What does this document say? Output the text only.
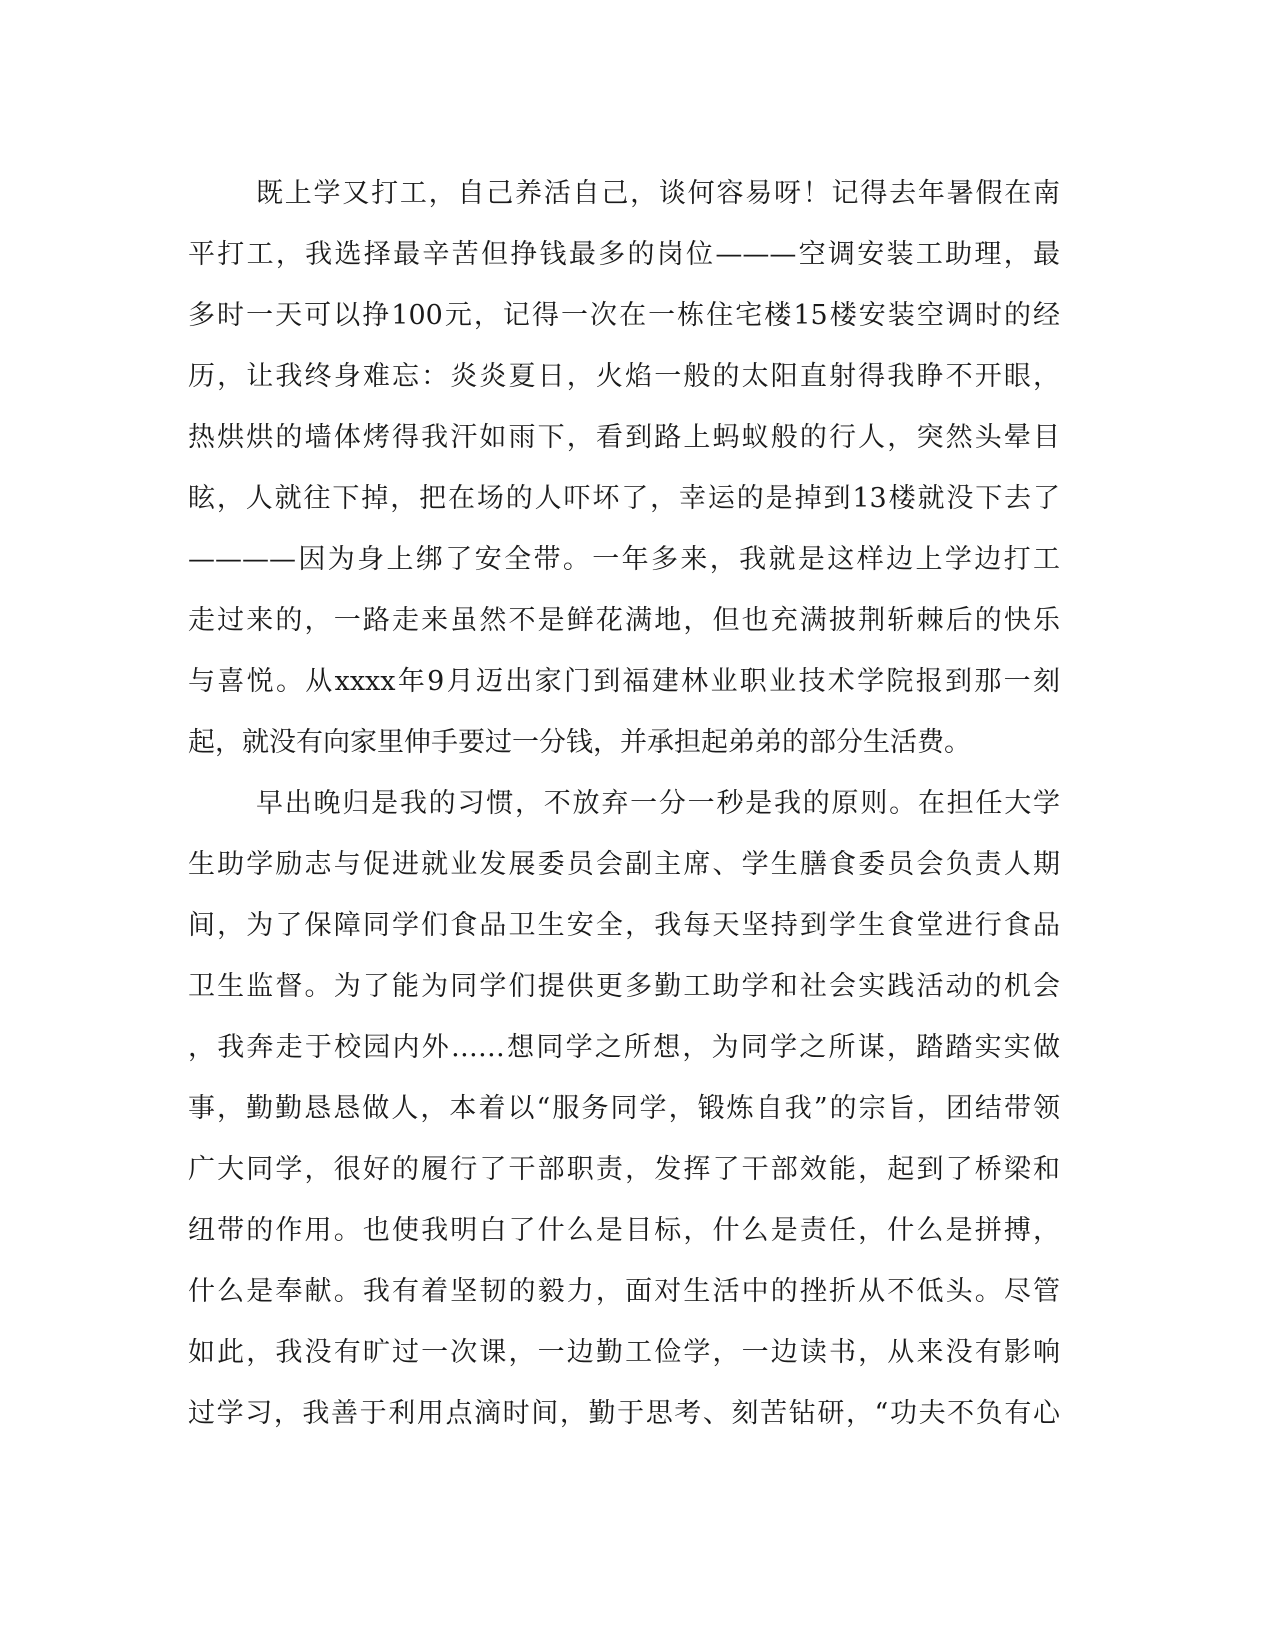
既上学又打工，自己养活自己，谈何容易呀！记得去年暑假在南
平打工，我选择最辛苦但挣钱最多的岗位———空调安装工助理，最
多时一天可以挣100元，记得一次在一栋住宅楼15楼安装空调时的经
历，让我终身难忘：炎炎夏日，火焰一般的太阳直射得我睁不开眼，
热烘烘的墙体烤得我汗如雨下，看到路上蚂蚁般的行人，突然头晕目
眩，人就往下掉，把在场的人吓坏了，幸运的是掉到13楼就没下去了
————因为身上绑了安全带。一年多来，我就是这样边上学边打工
走过来的，一路走来虽然不是鲜花满地，但也充满披荆斩棘后的快乐
与喜悦。从xxxx年9月迈出家门到福建林业职业技术学院报到那一刻
起，就没有向家里伸手要过一分钱，并承担起弟弟的部分生活费。
早出晚归是我的习惯，不放弃一分一秒是我的原则。在担任大学
生助学励志与促进就业发展委员会副主席、学生膳食委员会负责人期
间，为了保障同学们食品卫生安全，我每天坚持到学生食堂进行食品
卫生监督。为了能为同学们提供更多勤工助学和社会实践活动的机会
，我奔走于校园内外……想同学之所想，为同学之所谋，踏踏实实做
事，勤勤恳恳做人，本着以“服务同学，锻炼自我”的宗旨，团结带领
广大同学，很好的履行了干部职责，发挥了干部效能，起到了桥梁和
纽带的作用。也使我明白了什么是目标，什么是责任，什么是拼搏，
什么是奉献。我有着坚韧的毅力，面对生活中的挫折从不低头。尽管
如此，我没有旷过一次课，一边勤工俭学，一边读书，从来没有影响
过学习，我善于利用点滴时间，勤于思考、刻苦钻研，“功夫不负有心
